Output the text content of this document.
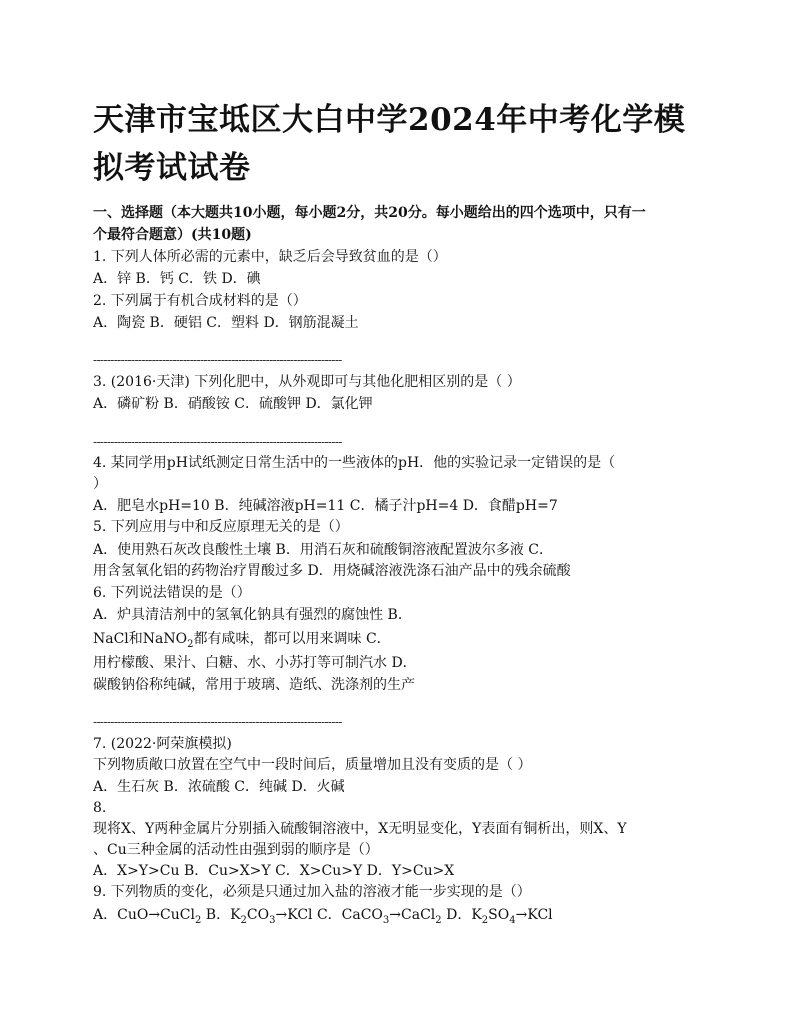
天津市宝坻区大白中学2024年中考化学模拟考试试卷
一、选择题（本大题共10小题，每小题2分，共20分。每小题给出的四个选项中，只有一
个最符合题意）(共10题)
1. 下列人体所必需的元素中，缺乏后会导致贫血的是（）
A．锌 B．钙 C．铁 D．碘
2. 下列属于有机合成材料的是（）
A．陶瓷 B．硬铝 C．塑料 D．钢筋混凝土
------------------------------------------------------------------------
3. (2016·天津) 下列化肥中，从外观即可与其他化肥相区别的是（ ）
A．磷矿粉 B．硝酸铵 C．硫酸钾 D．氯化钾
------------------------------------------------------------------------
4. 某同学用pH试纸测定日常生活中的一些液体的pH．他的实验记录一定错误的是（
）
A．肥皂水pH=10 B．纯碱溶液pH=11 C．橘子汁pH=4 D．食醋pH=7
5. 下列应用与中和反应原理无关的是（）
A．使用熟石灰改良酸性土壤 B．用消石灰和硫酸铜溶液配置波尔多液 C．
用含氢氧化铝的药物治疗胃酸过多 D．用烧碱溶液洗涤石油产品中的残余硫酸
6. 下列说法错误的是（）
A．炉具清洁剂中的氢氧化钠具有强烈的腐蚀性 B．
NaCl和NaNO$_2$都有咸味，都可以用来调味 C．
用柠檬酸、果汁、白糖、水、小苏打等可制汽水 D．
碳酸钠俗称纯碱，常用于玻璃、造纸、洗涤剂的生产
------------------------------------------------------------------------
7. (2022·阿荣旗模拟)
下列物质敞口放置在空气中一段时间后，质量增加且没有变质的是（ ）
A．生石灰 B．浓硫酸 C．纯碱 D．火碱
8.
现将X、Y两种金属片分别插入硫酸铜溶液中，X无明显变化，Y表面有铜析出，则X、Y
、Cu三种金属的活动性由强到弱的顺序是（）
A．X>Y>Cu B．Cu>X>Y C．X>Cu>Y D．Y>Cu>X
9. 下列物质的变化，必须是只通过加入盐的溶液才能一步实现的是（）
A．CuO→CuCl$_2$ B．$K_2CO_3\to KCl$ C．CaCO$_3$→CaCl$_2$ D．$K_2SO_4\to KCl$
